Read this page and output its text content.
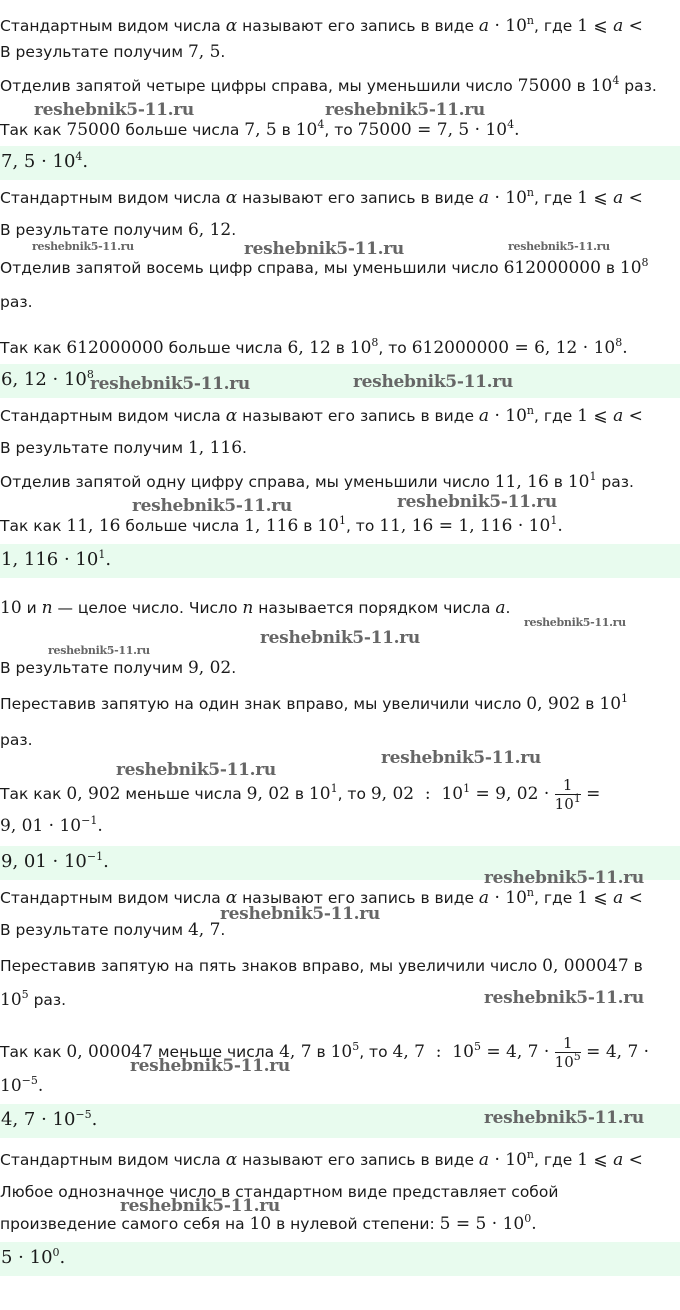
Стандартным видом числа α называют его запись в виде $a \cdot 10^n$, где 1 ⩽ a <
В результате получим 7, 5.
Отделив запятой четыре цифры справа, мы уменьшили число 75000 в $10^4$ раз.
Так как 75000 больше числа 7, 5 в $10^4$, то 75000 = 7, $5 \cdot 10^4$.
7, $5 \cdot 10^4$.
Стандартным видом числа α называют его запись в виде $a \cdot 10^n$, где 1 ⩽ a <
В результате получим 6, 12.
Отделив запятой восемь цифр справа, мы уменьшили число 612000000 в $10^8$
раз.
Так как 612000000 больше числа 6, 12 в $10^8$, то 612000000 = 6, $12 \cdot 10^8$.
6, $12 \cdot 10^8$
Стандартным видом числа α называют его запись в виде $a \cdot 10^n$, где 1 ⩽ a <
В результате получим 1, 116.
Отделив запятой одну цифру справа, мы уменьшили число 11, 16 в $10^1$ раз.
Так как 11, 16 больше числа 1, 116 в $10^1$, то 11, 16 = 1, $116 \cdot 10^1$.
1, $116 \cdot 10^1$.
10 и n — целое число. Число n называется порядком числа a.
В результате получим 9, 02.
Переставив запятую на один знак вправо, мы увеличили число 0, 902 в $10^1$
раз.
Так как 0, 902 меньше числа 9, 02 в $10^1$, то 9, 02  :  $10^1 = 9$, $02 \cdot \frac{1}{10^1}$ =
9, $01 \cdot 10^{-1}$.
9, $01 \cdot 10^{-1}$.
Стандартным видом числа α называют его запись в виде $a \cdot 10^n$, где 1 ⩽ a <
В результате получим 4, 7.
Переставив запятую на пять знаков вправо, мы увеличили число 0, 000047 в
$10^5$ раз.
Так как 0, 000047 меньше числа 4, 7 в $10^5$, то 4, 7  :  $10^5 = 4$, $7 \cdot \frac{1}{10^5} = 4$, 7 ·
$10^{-5}$.
4, $7 \cdot 10^{-5}$.
Стандартным видом числа α называют его запись в виде $a \cdot 10^n$, где 1 ⩽ a <
Любое однозначное число в стандартном виде представляет собой
произведение самого себя на 10 в нулевой степени: $5 = 5 \cdot 10^0$.
$5 \cdot 10^0$.
reshebnik5-11.ru	reshebnik5-11.ru
reshebnik5-11.ru	reshebnik5-11.ru	reshebnik5-11.ru
reshebnik5-11.ru	reshebnik5-11.ru
reshebnik5-11.ru	reshebnik5-11.ru
reshebnik5-11.ru
reshebnik5-11.ru
reshebnik5-11.ru
reshebnik5-11.ru
reshebnik5-11.ru
reshebnik5-11.ru
reshebnik5-11.ru
reshebnik5-11.ru
reshebnik5-11.ru
reshebnik5-11.ru
reshebnik5-11.ru
